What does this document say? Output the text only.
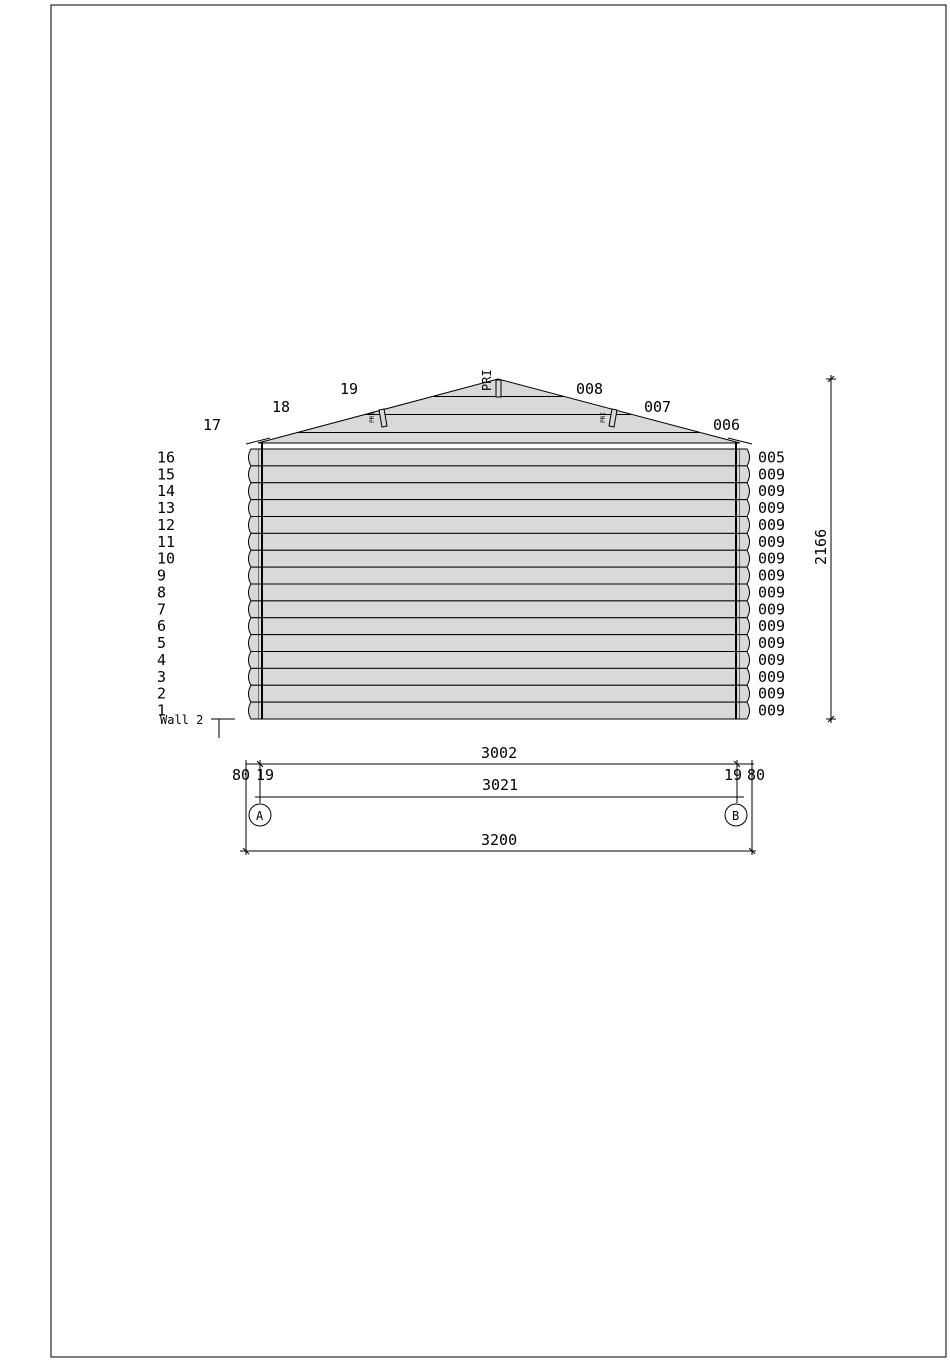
PRI
PRI	PRI
16
15
14
13
12
11
10
9
8
7
6
5
4
3
2
1
005
009
009
009
009
009
009
009
009
009
009
009
009
009
009
009
17
18
19	008
007
006
Wall 2
2166
3002
80 19	19 80
3021
3200
A	B
